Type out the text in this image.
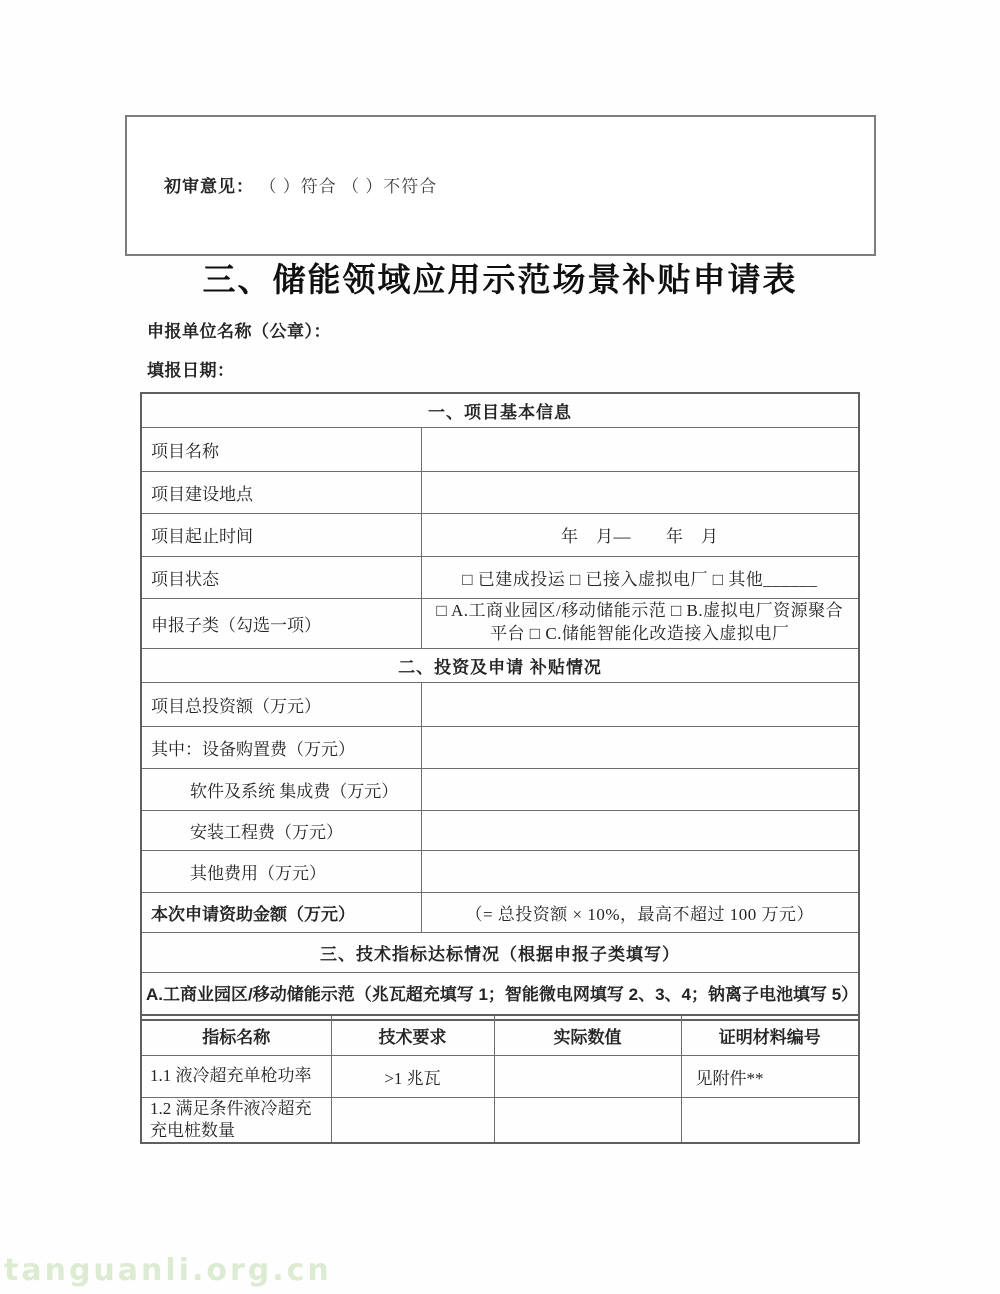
初审意见： （ ）符合 （ ）不符合
三、储能领域应用示范场景补贴申请表
申报单位名称（公章）：
填报日期：
一、项目基本信息	
项目名称	
项目建设地点	
项目起止时间	年　月—　　年　月
项目状态	□ 已建成投运 □ 已接入虚拟电厂 □ 其他______
申报子类（勾选一项）	□ A.工商业园区/移动储能示范 □ B.虚拟电厂资源聚合 平台 □ C.储能智能化改造接入虚拟电厂
二、投资及申请 补贴情况	
项目总投资额（万元）	
其中：设备购置费（万元）	
软件及系统 集成费（万元）	
安装工程费（万元）	
其他费用（万元）	
本次申请资助金额（万元）	（= 总投资额 × 10%，最高不超过 100 万元）
三、技术指标达标情况（根据申报子类填写）	
A.工商业园区/移动储能示范（兆瓦超充填写 1；智能微电网填写 2、3、4；钠离子电池填写 5）	
指标名称	技术要求	实际数值	证明材料编号
1.1 液冷超充单枪功率	>1 兆瓦		见附件**
1.2 满足条件液冷超充 充电桩数量			
tanguanli.org.cn
